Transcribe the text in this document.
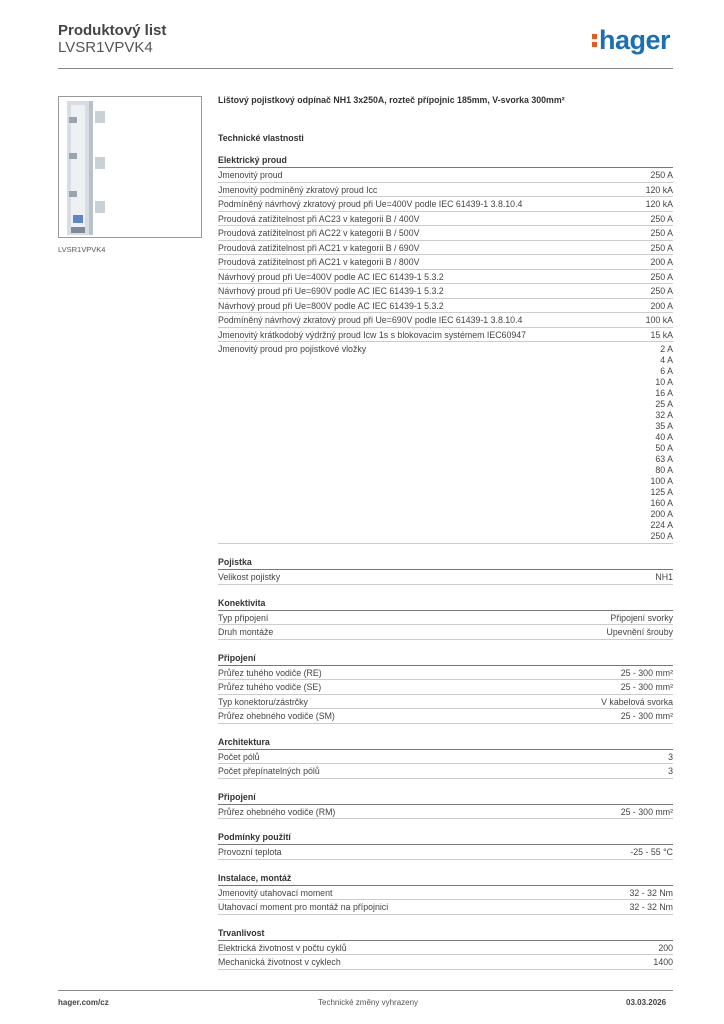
Produktový list
LVSR1VPVK4	hager
LVSR1VPVK4
Lištový pojistkový odpínač NH1 3x250A, rozteč přípojnic 185mm, V-svorka 300mm²
Technické vlastnosti
Elektrický proud
Jmenovitý proud	250 A
Jmenovitý podmíněný zkratový proud Icc	120 kA
Podmíněný návrhový zkratový proud při Ue=400V podle IEC 61439-1 3.8.10.4	120 kA
Proudová zatížitelnost při AC23 v kategorii B / 400V	250 A
Proudová zatížitelnost při AC22 v kategorii B / 500V	250 A
Proudová zatížitelnost při AC21 v kategorii B / 690V	250 A
Proudová zatížitelnost při AC21 v kategorii B / 800V	200 A
Návrhový proud při Ue=400V podle AC IEC 61439-1 5.3.2	250 A
Návrhový proud při Ue=690V podle AC IEC 61439-1 5.3.2	250 A
Návrhový proud při Ue=800V podle AC IEC 61439-1 5.3.2	200 A
Podmíněný návrhový zkratový proud při Ue=690V podle IEC 61439-1 3.8.10.4	100 kA
Jmenovitý krátkodobý výdržný proud Icw 1s s blokovacím systémem IEC60947	15 kA
Jmenovitý proud pro pojistkové vložky	2 A
4 A
6 A
10 A
16 A
25 A
32 A
35 A
40 A
50 A
63 A
80 A
100 A
125 A
160 A
200 A
224 A
250 A
Pojistka
Velikost pojistky	NH1
Konektivita
Typ připojení	Připojení svorky
Druh montáže	Upevnění šrouby
Připojení
Průřez tuhého vodiče (RE)	25 - 300 mm²
Průřez tuhého vodiče (SE)	25 - 300 mm²
Typ konektoru/zástrčky	V kabelová svorka
Průřez ohebného vodiče (SM)	25 - 300 mm²
Architektura
Počet pólů	3
Počet přepínatelných pólů	3
Připojení
Průřez ohebného vodiče (RM)	25 - 300 mm²
Podmínky použití
Provozní teplota	-25 - 55 °C
Instalace, montáž
Jmenovitý utahovací moment	32 - 32 Nm
Utahovací moment pro montáž na přípojnici	32 - 32 Nm
Trvanlivost
Elektrická životnost v počtu cyklů	200
Mechanická životnost v cyklech	1400
hager.com/cz	Technické změny vyhrazeny	03.03.2026
